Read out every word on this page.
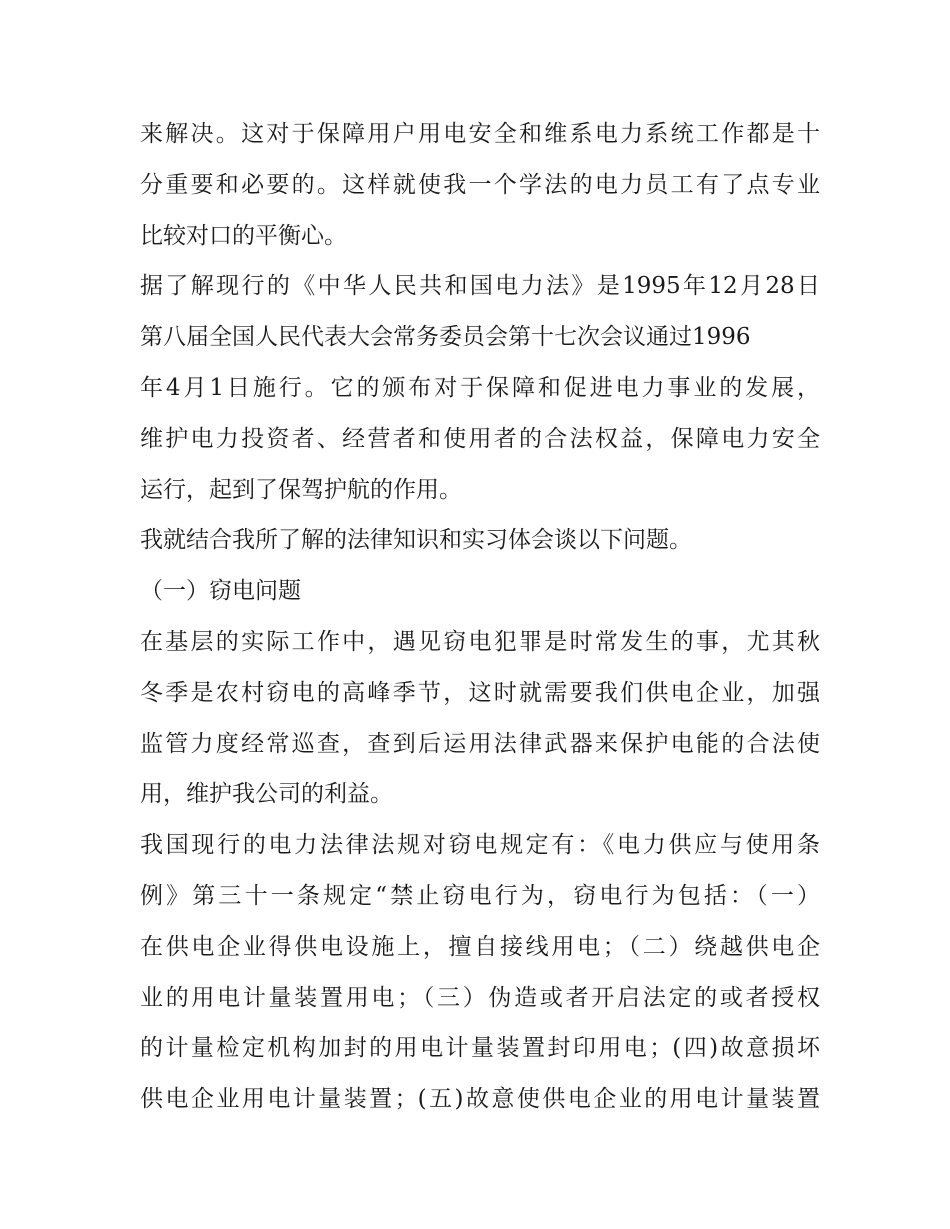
来解决。这对于保障用户用电安全和维系电力系统工作都是十
分重要和必要的。这样就使我一个学法的电力员工有了点专业
比较对口的平衡心。
据了解现行的《中华人民共和国电力法》是1995年12月28日
第八届全国人民代表大会常务委员会第十七次会议通过1996
年4月1日施行。它的颁布对于保障和促进电力事业的发展，
维护电力投资者、经营者和使用者的合法权益，保障电力安全
运行，起到了保驾护航的作用。
我就结合我所了解的法律知识和实习体会谈以下问题。
（一）窃电问题
在基层的实际工作中，遇见窃电犯罪是时常发生的事，尤其秋
冬季是农村窃电的高峰季节，这时就需要我们供电企业，加强
监管力度经常巡查，查到后运用法律武器来保护电能的合法使
用，维护我公司的利益。
我国现行的电力法律法规对窃电规定有：《电力供应与使用条
例》第三十一条规定“禁止窃电行为，窃电行为包括：（一）
在供电企业得供电设施上，擅自接线用电；（二）绕越供电企
业的用电计量装置用电；（三）伪造或者开启法定的或者授权
的计量检定机构加封的用电计量装置封印用电；(四)故意损坏
供电企业用电计量装置；(五)故意使供电企业的用电计量装置
